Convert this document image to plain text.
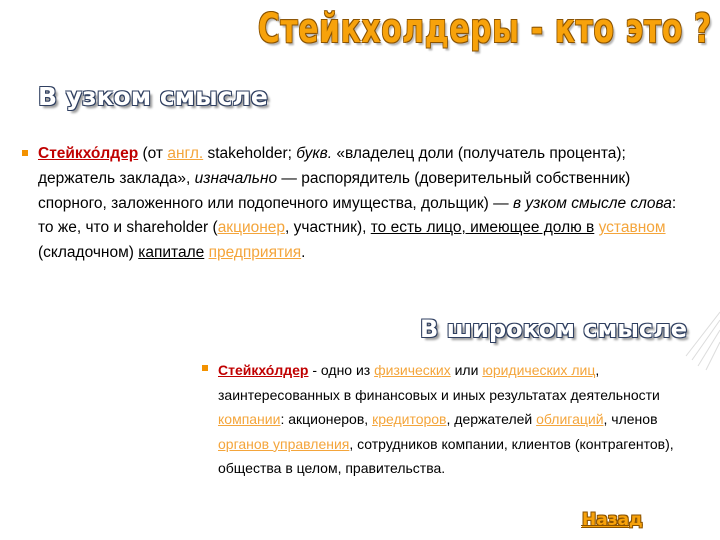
Стейкхолдеры - кто это ?
В узком смысле
Стейкхо́лдер (от англ. stakeholder; букв. «владелец доли (получатель процента); держатель заклада», изначально — распорядитель (доверительный собственник) спорного, заложенного или подопечного имущества, дольщик) — в узком смысле слова: то же, что и shareholder (акционер, участник), то есть лицо, имеющее долю в уставном (складочном) капитале предприятия.
В широком смысле
Стейкхо́лдер - одно из физических или юридических лиц, заинтересованных в финансовых и иных результатах деятельности компании: акционеров, кредиторов, держателей облигаций, членов органов управления, сотрудников компании, клиентов (контрагентов), общества в целом, правительства.
Назад
